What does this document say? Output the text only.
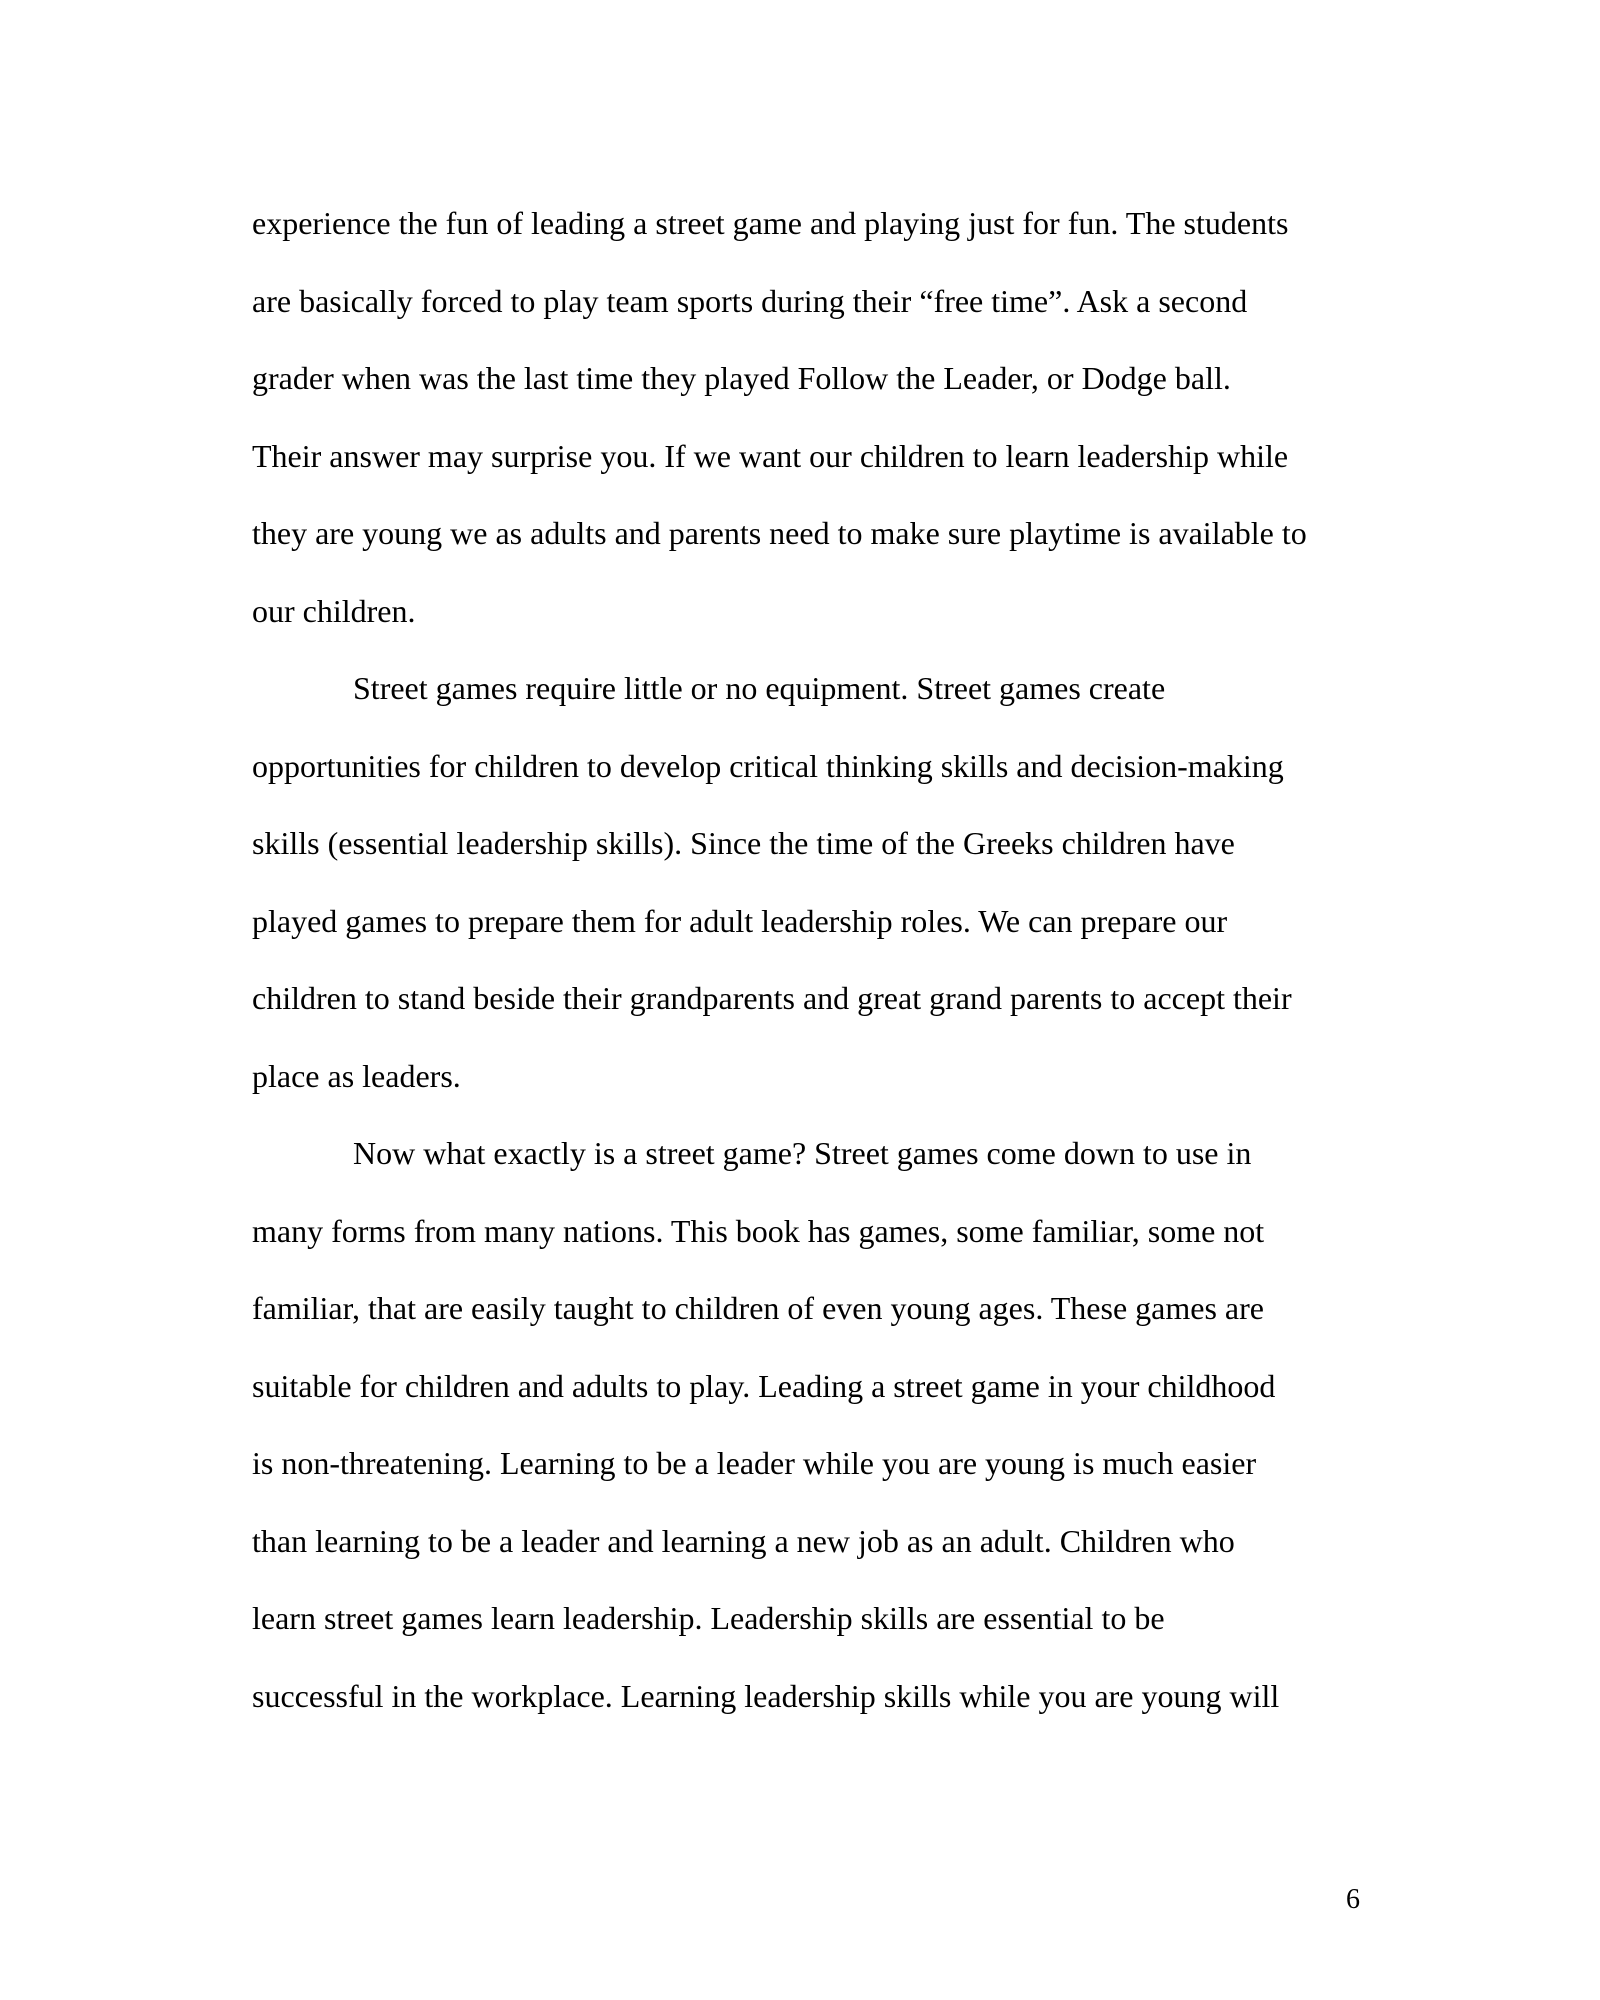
experience the fun of leading a street game and playing just for fun. The students
are basically forced to play team sports during their “free time”. Ask a second
grader when was the last time they played Follow the Leader, or Dodge ball.
Their answer may surprise you. If we want our children to learn leadership while
they are young we as adults and parents need to make sure playtime is available to
our children.
Street games require little or no equipment. Street games create
opportunities for children to develop critical thinking skills and decision-making
skills (essential leadership skills). Since the time of the Greeks children have
played games to prepare them for adult leadership roles. We can prepare our
children to stand beside their grandparents and great grand parents to accept their
place as leaders.
Now what exactly is a street game? Street games come down to use in
many forms from many nations. This book has games, some familiar, some not
familiar, that are easily taught to children of even young ages. These games are
suitable for children and adults to play. Leading a street game in your childhood
is non-threatening. Learning to be a leader while you are young is much easier
than learning to be a leader and learning a new job as an adult. Children who
learn street games learn leadership. Leadership skills are essential to be
successful in the workplace. Learning leadership skills while you are young will
6
